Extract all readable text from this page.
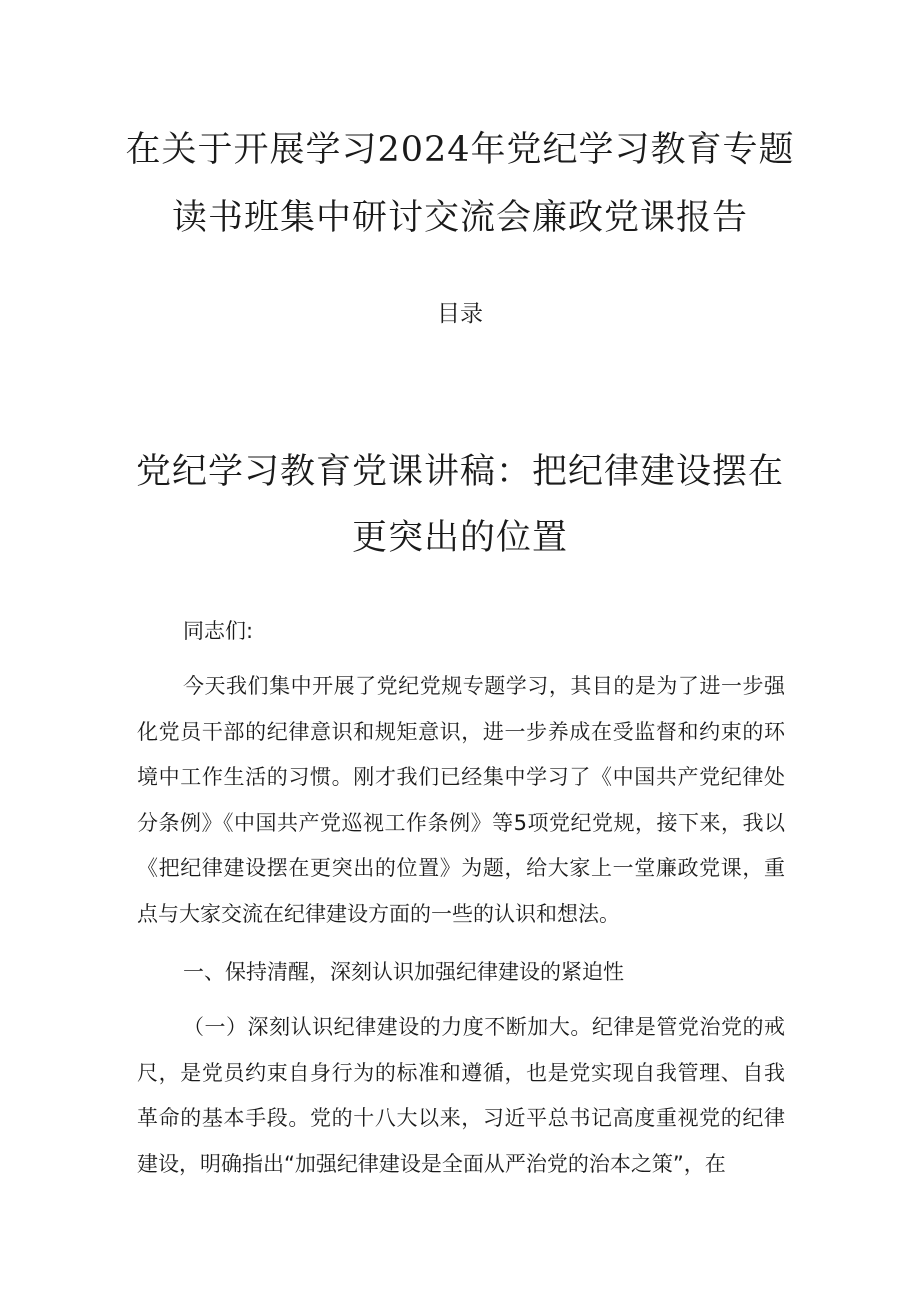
在关于开展学习2024年党纪学习教育专题
读书班集中研讨交流会廉政党课报告
目录
党纪学习教育党课讲稿：把纪律建设摆在
更突出的位置

同志们:

今天我们集中开展了党纪党规专题学习，其目的是为了进一步强化党员干部的纪律意识和规矩意识，进一步养成在受监督和约束的环境中工作生活的习惯。刚才我们已经集中学习了《中国共产党纪律处分条例》《中国共产党巡视工作条例》等5项党纪党规，接下来，我以《把纪律建设摆在更突出的位置》为题，给大家上一堂廉政党课，重点与大家交流在纪律建设方面的一些的认识和想法。

一、保持清醒，深刻认识加强纪律建设的紧迫性

（一）深刻认识纪律建设的力度不断加大。纪律是管党治党的戒尺，是党员约束自身行为的标准和遵循，也是党实现自我管理、自我革命的基本手段。党的十八大以来，习近平总书记高度重视党的纪律建设，明确指出“加强纪律建设是全面从严治党的治本之策”，在
